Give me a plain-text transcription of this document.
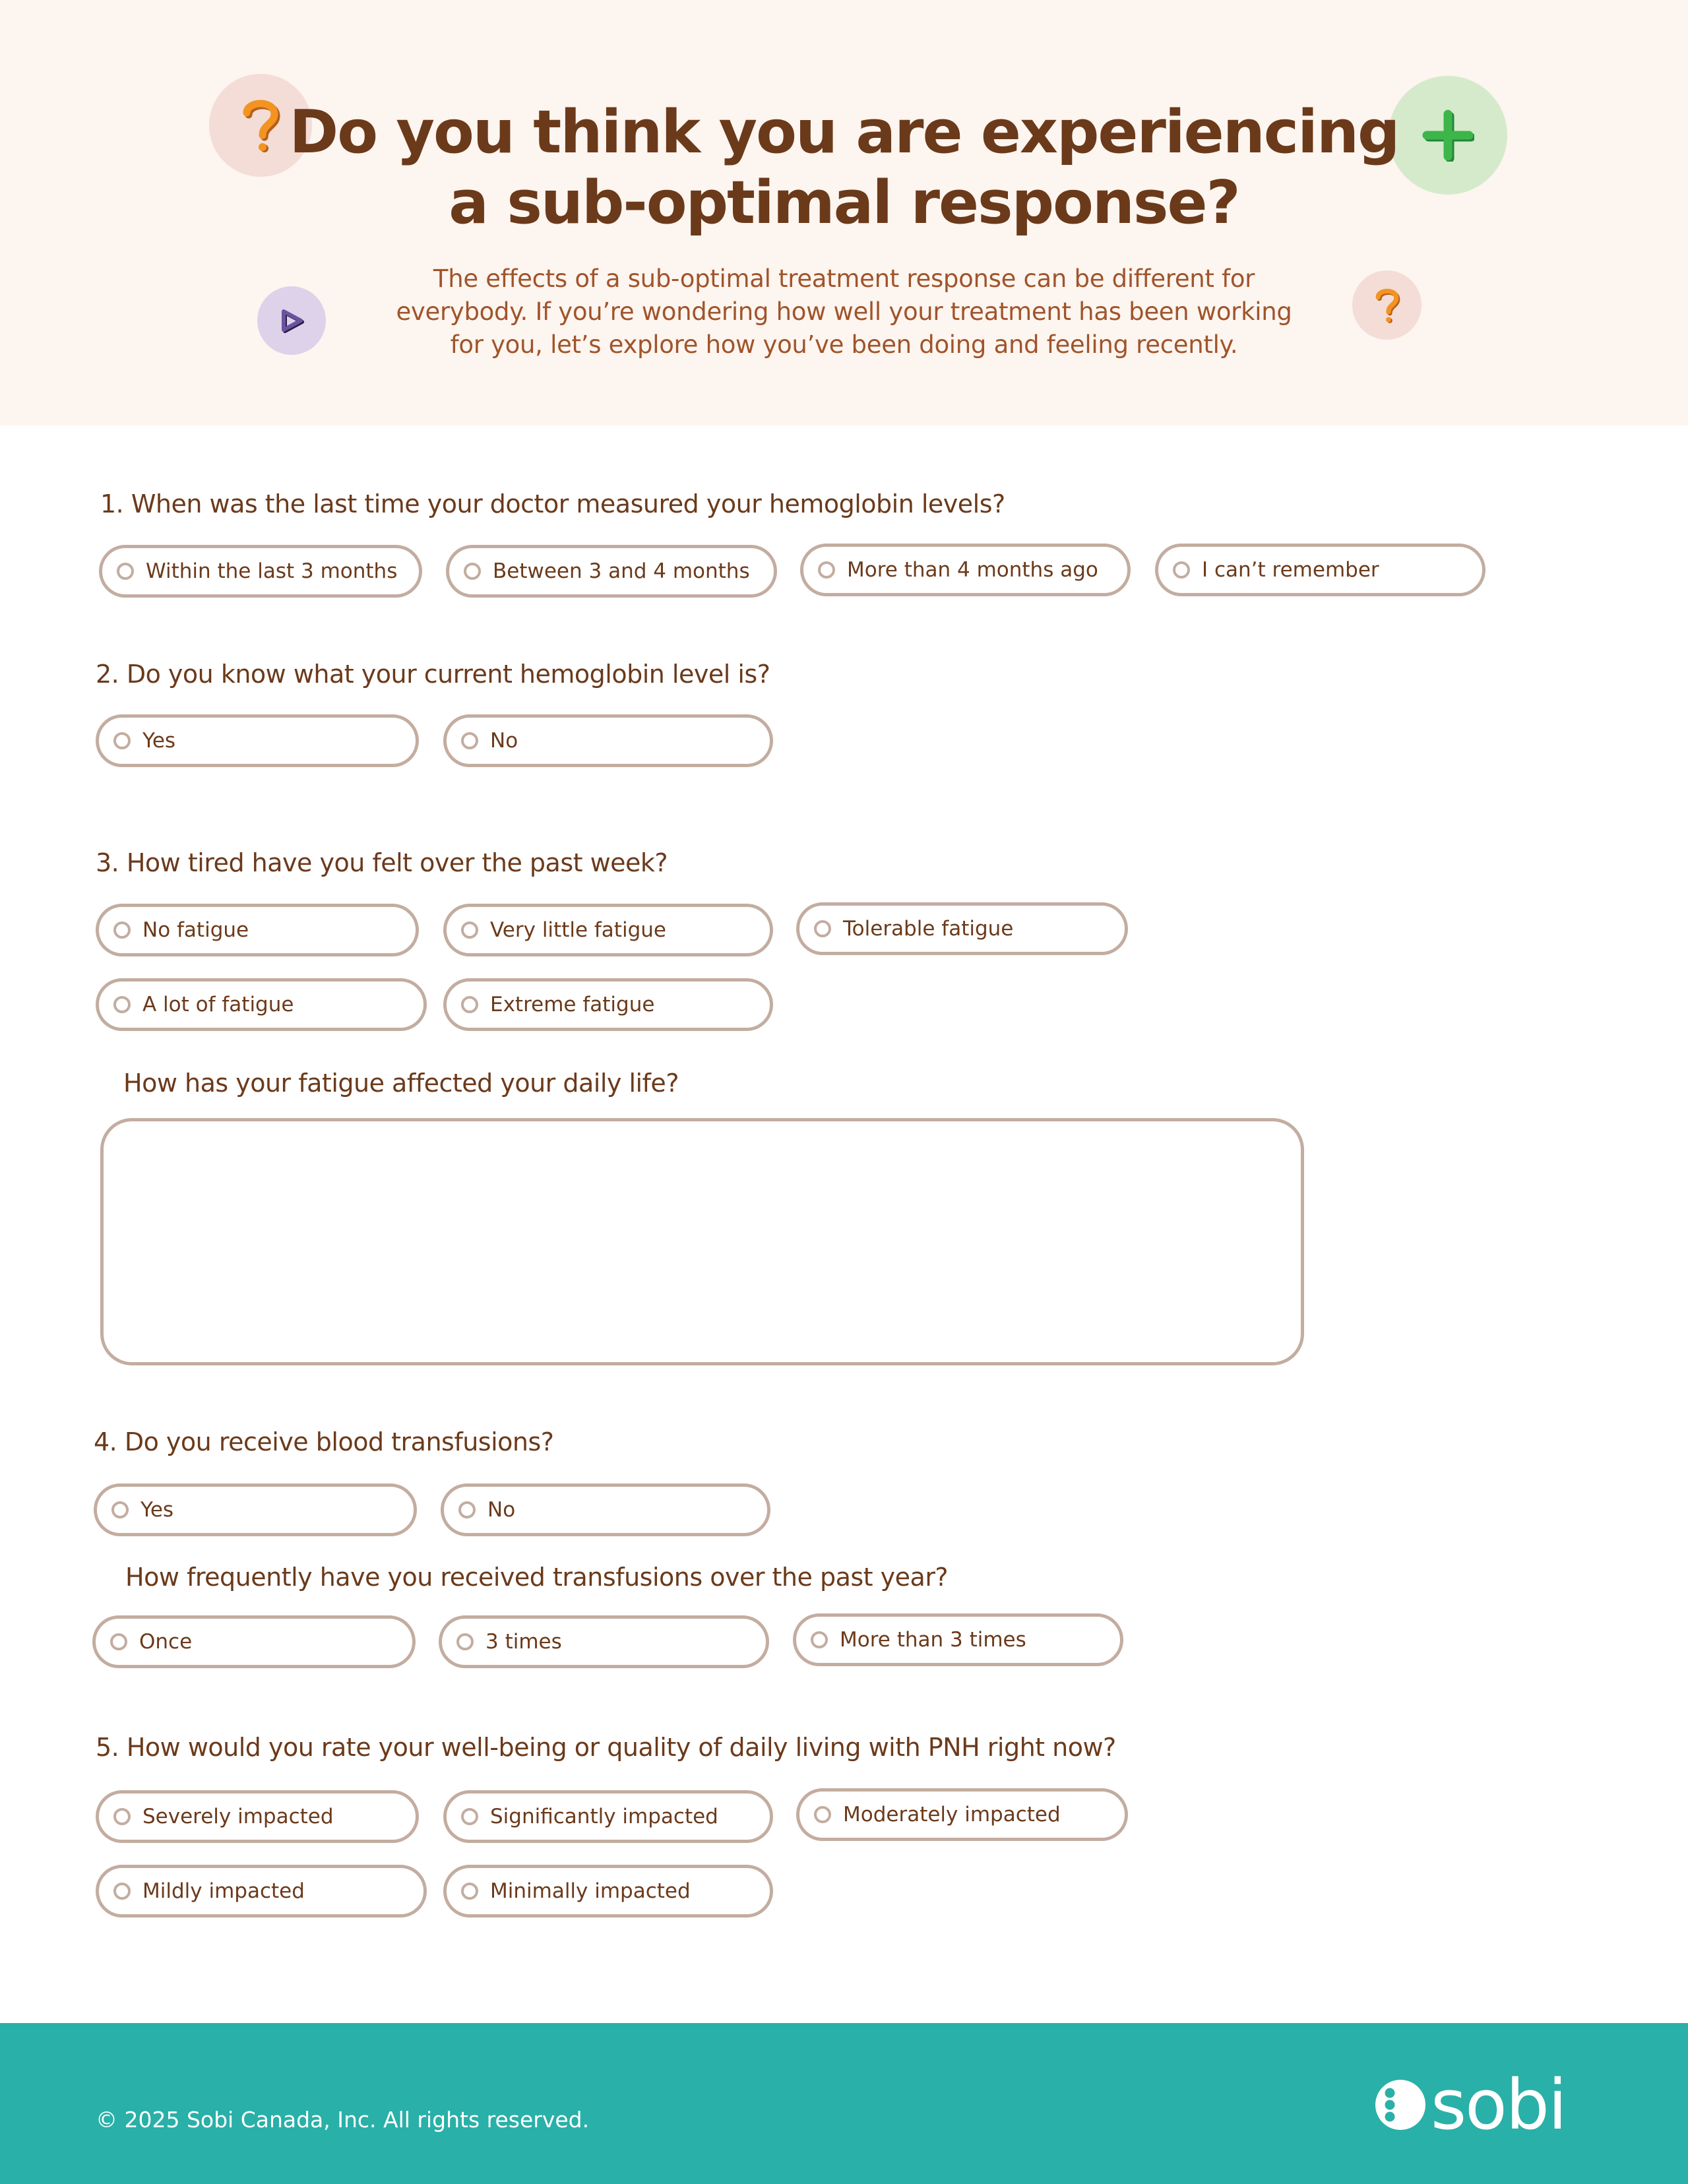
Do you think you are experiencing
a sub-optimal response?
The effects of a sub-optimal treatment response can be different for
everybody. If you’re wondering how well your treatment has been working
for you, let’s explore how you’ve been doing and feeling recently.
1. When was the last time your doctor measured your hemoglobin levels?
Within the last 3 months	Between 3 and 4 months	More than 4 months ago	I can’t remember
2. Do you know what your current hemoglobin level is?
Yes	No
3. How tired have you felt over the past week?
No fatigue	Very little fatigue	Tolerable fatigue
A lot of fatigue	Extreme fatigue
How has your fatigue affected your daily life?
4. Do you receive blood transfusions?
Yes	No
How frequently have you received transfusions over the past year?
Once	3 times	More than 3 times
5. How would you rate your well-being or quality of daily living with PNH right now?
Severely impacted	Significantly impacted	Moderately impacted
Mildly impacted	Minimally impacted
© 2025 Sobi Canada, Inc. All rights reserved.	sobi
